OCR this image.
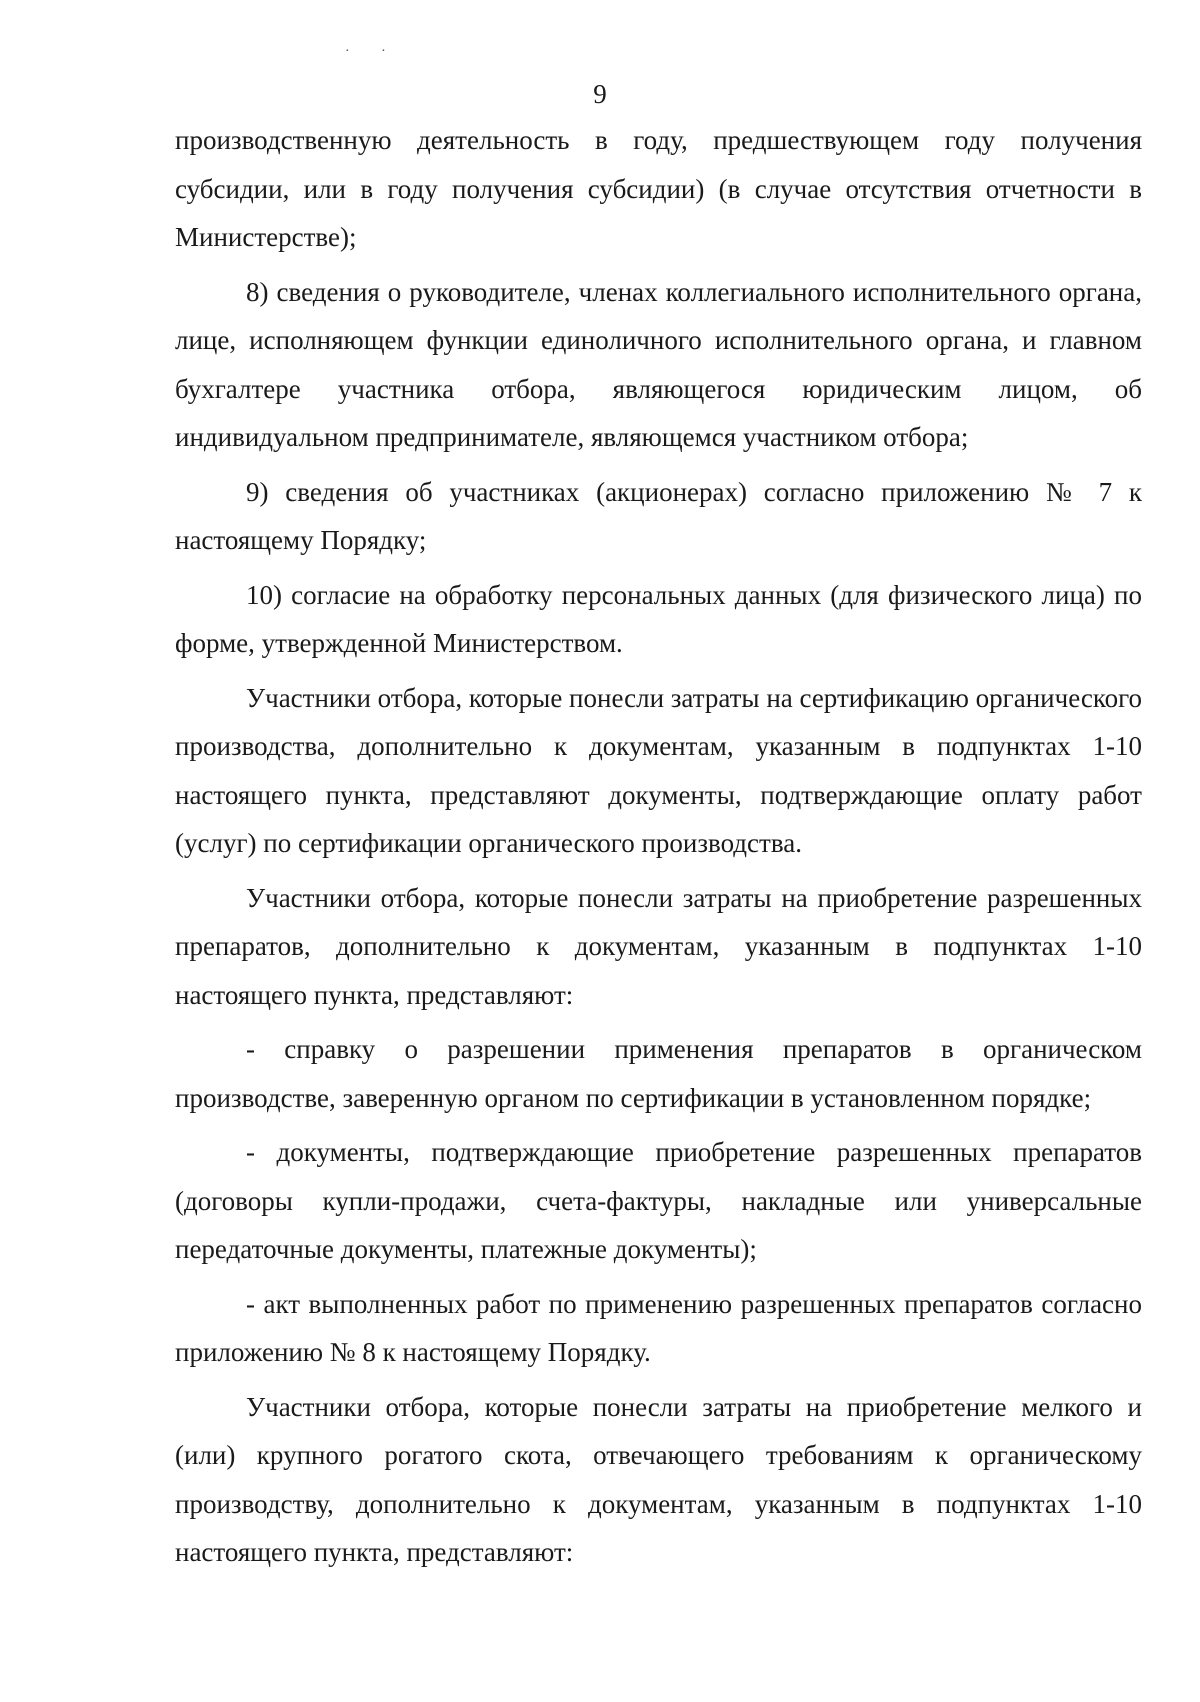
· ·
9

производственную деятельность в году, предшествующем году получения субсидии, или в году получения субсидии) (в случае отсутствия отчетности в Министерстве);

8) сведения о руководителе, членах коллегиального исполнительного органа, лице, исполняющем функции единоличного исполнительного органа, и главном бухгалтере участника отбора, являющегося юридическим лицом, об индивидуальном предпринимателе, являющемся участником отбора;

9) сведения об участниках (акционерах) согласно приложению № 7 к настоящему Порядку;

10) согласие на обработку персональных данных (для физического лица) по форме, утвержденной Министерством.

Участники отбора, которые понесли затраты на сертификацию органического производства, дополнительно к документам, указанным в подпунктах 1-10 настоящего пункта, представляют документы, подтверждающие оплату работ (услуг) по сертификации органического производства.

Участники отбора, которые понесли затраты на приобретение разрешенных препаратов, дополнительно к документам, указанным в подпунктах 1-10 настоящего пункта, представляют:

- справку о разрешении применения препаратов в органическом производстве, заверенную органом по сертификации в установленном порядке;

- документы, подтверждающие приобретение разрешенных препаратов (договоры купли-продажи, счета-фактуры, накладные или универсальные передаточные документы, платежные документы);

- акт выполненных работ по применению разрешенных препаратов согласно приложению № 8 к настоящему Порядку.

Участники отбора, которые понесли затраты на приобретение мелкого и (или) крупного рогатого скота, отвечающего требованиям к органическому производству, дополнительно к документам, указанным в подпунктах 1-10 настоящего пункта, представляют:
